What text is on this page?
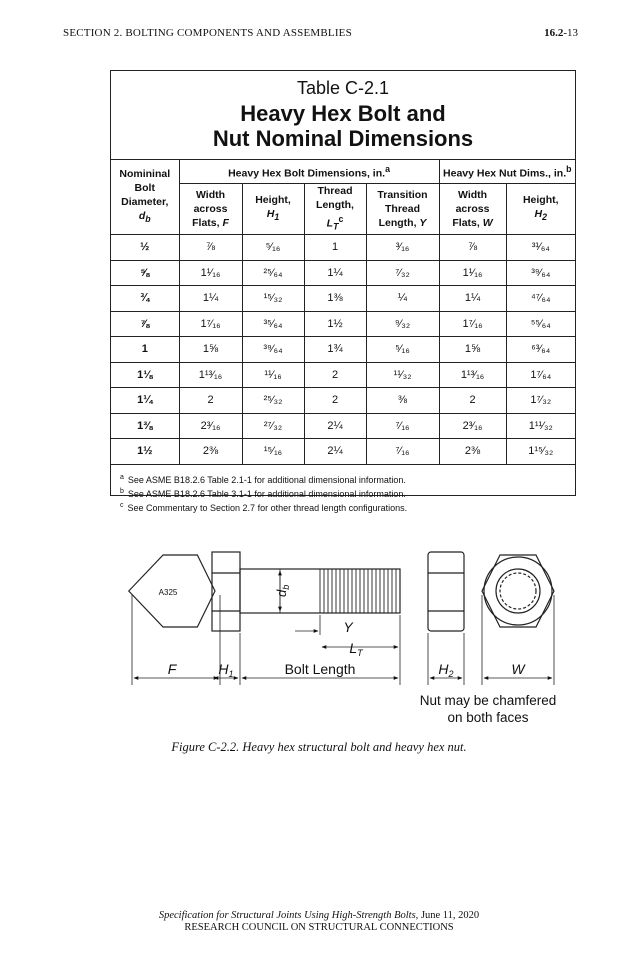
SECTION 2. BOLTING COMPONENTS AND ASSEMBLIES	16.2-13
Table C-2.1
Heavy Hex Bolt and
Nut Nominal Dimensions
Nomininal
Bolt
Diameter,
$d_b$	Heavy Hex Bolt Dimensions, in.$^a$				Heavy Hex Nut Dims., in.$^b$
	Width
across
Flats, F	Height,
$H_1$	Thread
Length,
$L_T^c$	Transition
Thread
Length, Y	Width
across
Flats, W	Height,
$H_2$
½	⅞	⁵⁄₁₆	1	³⁄₁₆	⅞	³¹⁄₆₄
⅝	1¹⁄₁₆	²⁵⁄₆₄	1¼	⁷⁄₃₂	1¹⁄₁₆	³⁹⁄₆₄
¾	1¼	¹⁵⁄₃₂	1⅜	¼	1¼	⁴⁷⁄₆₄
⅞	1⁷⁄₁₆	³⁵⁄₆₄	1½	⁹⁄₃₂	1⁷⁄₁₆	⁵⁵⁄₆₄
1	1⅝	³⁹⁄₆₄	1¾	⁵⁄₁₆	1⅝	⁶³⁄₆₄
1⅛	1¹³⁄₁₆	¹¹⁄₁₆	2	¹¹⁄₃₂	1¹³⁄₁₆	1⁷⁄₆₄
1¼	2	²⁵⁄₃₂	2	⅜	2	1⁷⁄₃₂
1⅜	2³⁄₁₆	²⁷⁄₃₂	2¼	⁷⁄₁₆	2³⁄₁₆	1¹¹⁄₃₂
1½	2⅜	¹⁵⁄₁₆	2¼	⁷⁄₁₆	2⅜	1¹⁵⁄₃₂
$^a$ See ASME B18.2.6 Table 2.1-1 for additional dimensional information.
$^b$ See ASME B18.2.6 Table 3.1-1 for additional dimensional information.
$^c$ See Commentary to Section 2.7 for other thread length configurations.
A325	$d_b$
Y
$L_T$
F	$H_1$	Bolt Length	$H_2$	W
Nut may be chamfered
on both faces
Figure C-2.2. Heavy hex structural bolt and heavy hex nut.
Specification for Structural Joints Using High-Strength Bolts, June 11, 2020
RESEARCH COUNCIL ON STRUCTURAL CONNECTIONS
